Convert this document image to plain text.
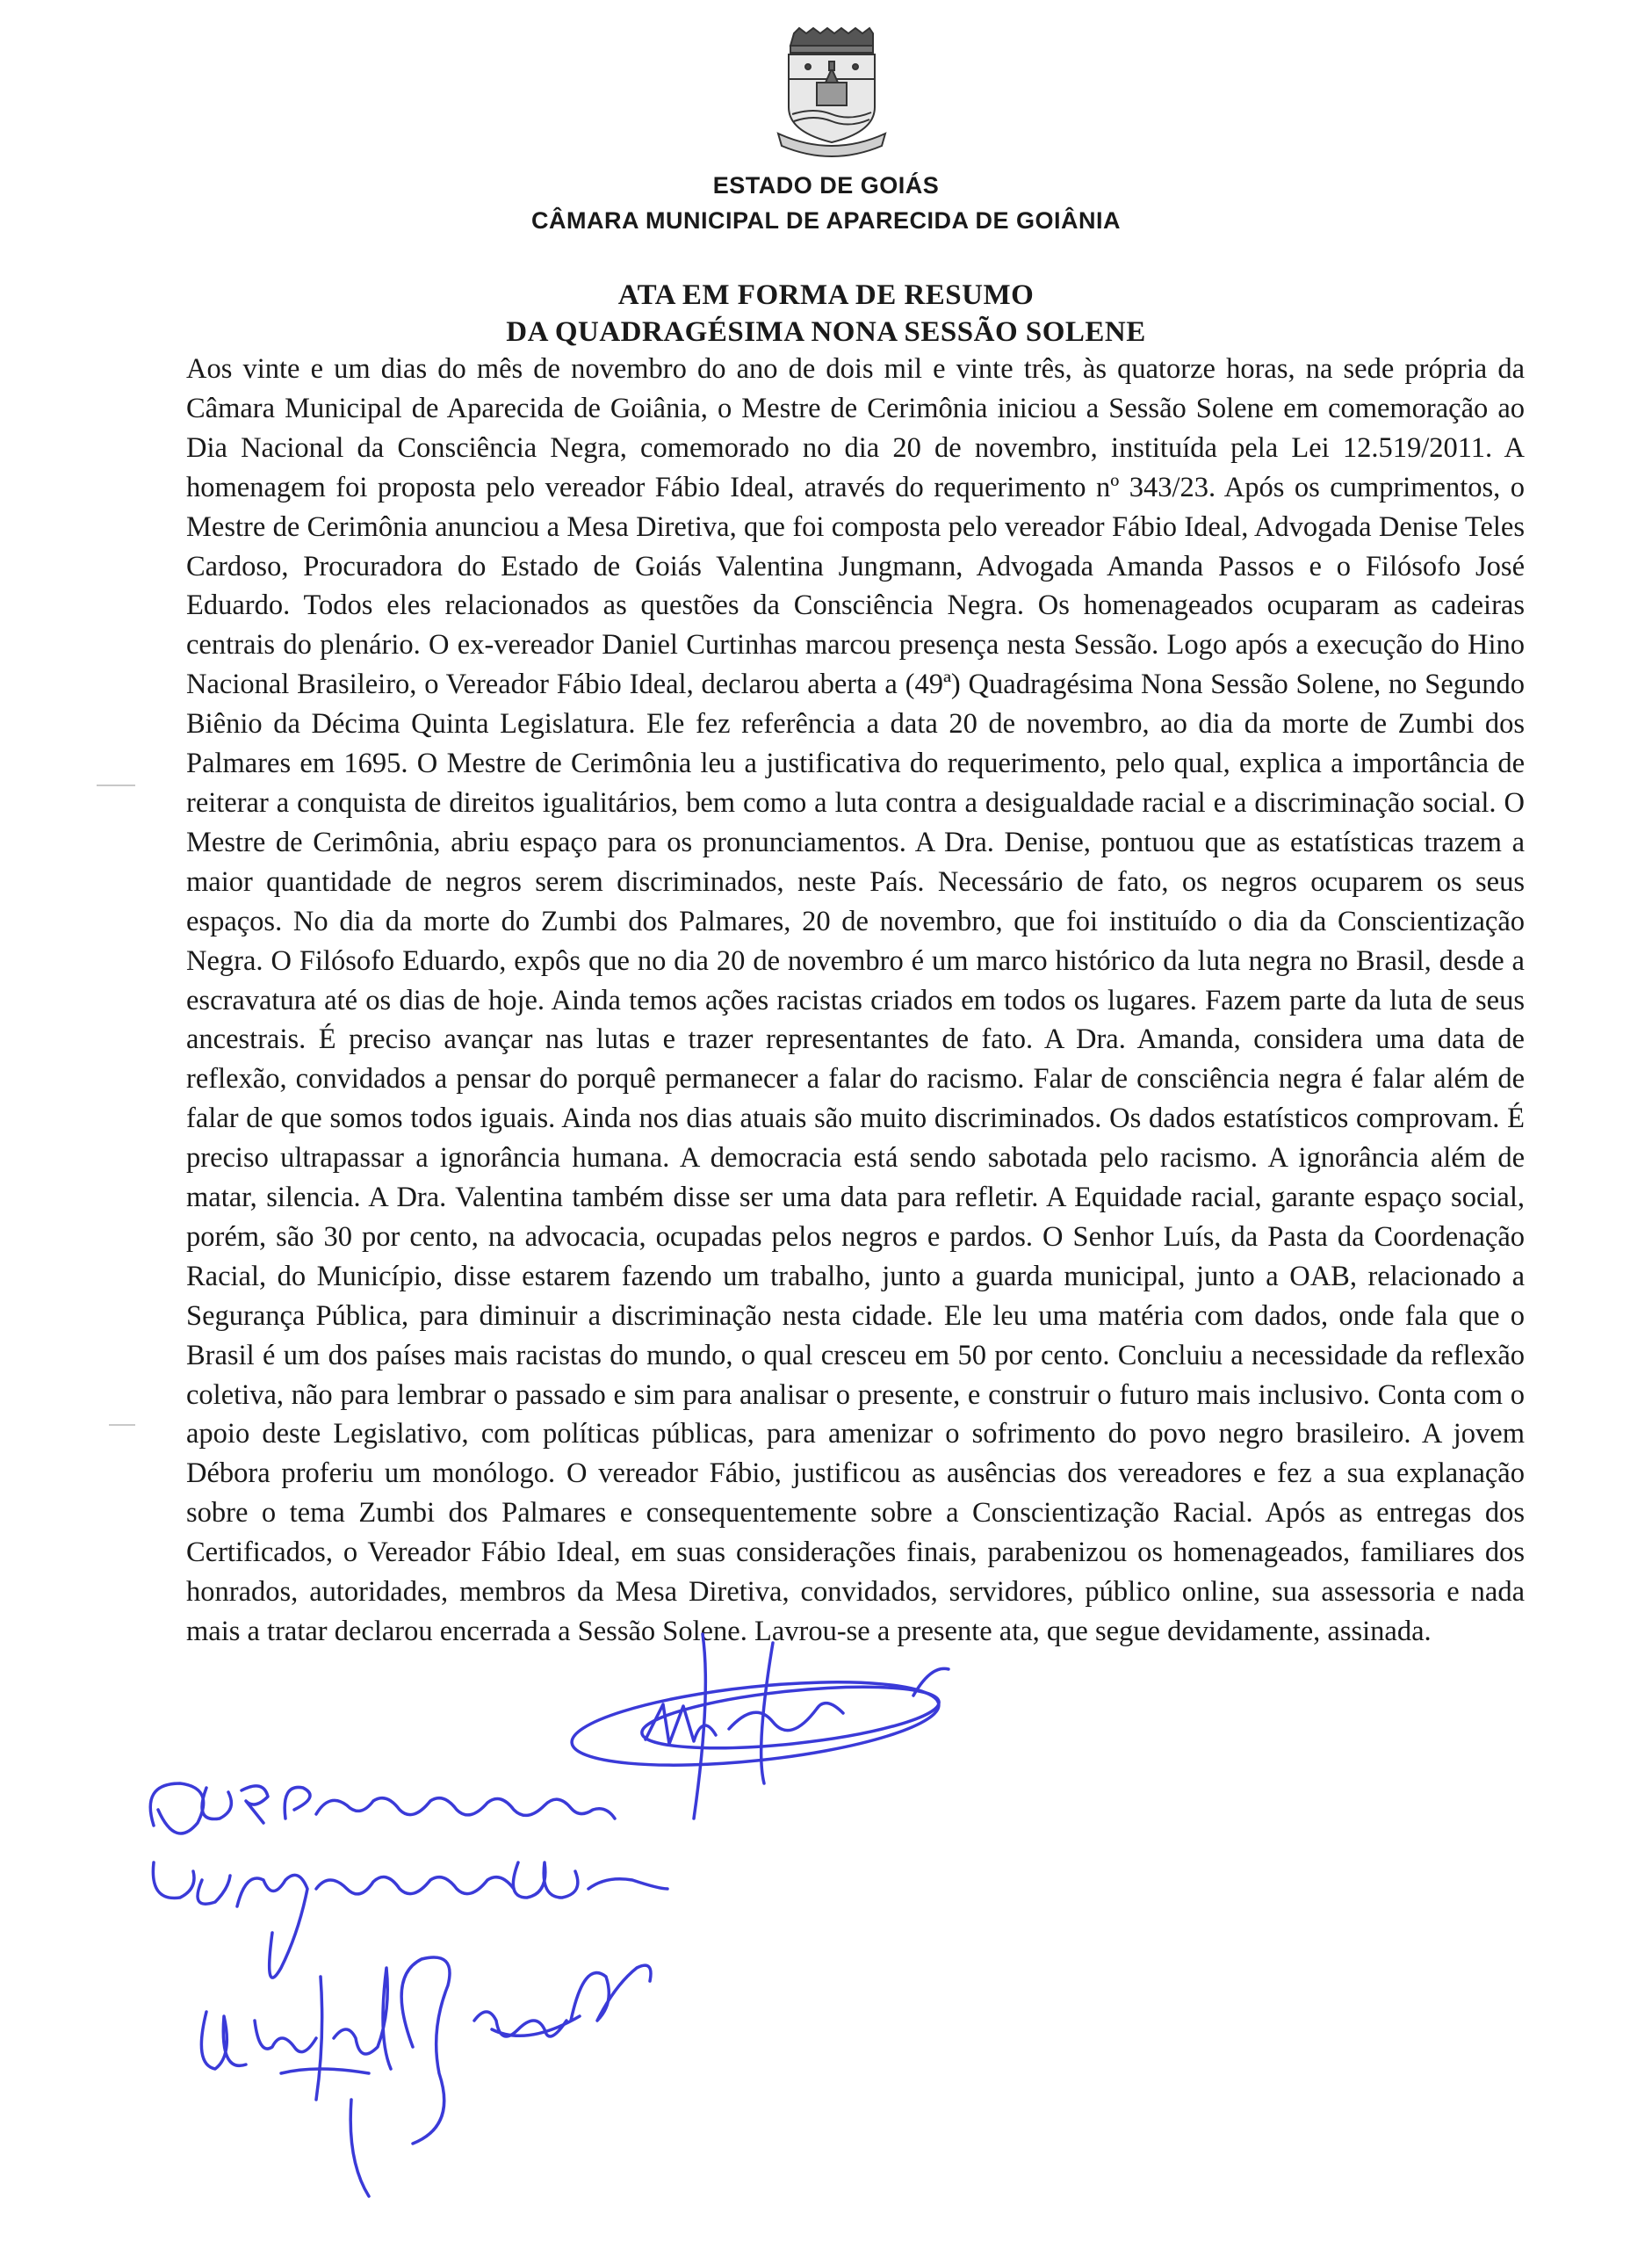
ESTADO DE GOIÁS
CÂMARA MUNICIPAL DE APARECIDA DE GOIÂNIA
ATA EM FORMA DE RESUMO
DA QUADRAGÉSIMA NONA SESSÃO SOLENE

Aos vinte e um dias do mês de novembro do ano de dois mil e vinte três, às quatorze horas, na sede própria da Câmara Municipal de Aparecida de Goiânia, o Mestre de Cerimônia iniciou a Sessão Solene em comemoração ao Dia Nacional da Consciência Negra, comemorado no dia 20 de novembro, instituída pela Lei 12.519/2011. A homenagem foi proposta pelo vereador Fábio Ideal, através do requerimento nº 343/23. Após os cumprimentos, o Mestre de Cerimônia anunciou a Mesa Diretiva, que foi composta pelo vereador Fábio Ideal, Advogada Denise Teles Cardoso, Procuradora do Estado de Goiás Valentina Jungmann, Advogada Amanda Passos e o Filósofo José Eduardo. Todos eles relacionados as questões da Consciência Negra. Os homenageados ocuparam as cadeiras centrais do plenário. O ex-vereador Daniel Curtinhas marcou presença nesta Sessão. Logo após a execução do Hino Nacional Brasileiro, o Vereador Fábio Ideal, declarou aberta a (49ª) Quadragésima Nona Sessão Solene, no Segundo Biênio da Décima Quinta Legislatura. Ele fez referência a data 20 de novembro, ao dia da morte de Zumbi dos Palmares em 1695. O Mestre de Cerimônia leu a justificativa do requerimento, pelo qual, explica a importância de reiterar a conquista de direitos igualitários, bem como a luta contra a desigualdade racial e a discriminação social. O Mestre de Cerimônia, abriu espaço para os pronunciamentos. A Dra. Denise, pontuou que as estatísticas trazem a maior quantidade de negros serem discriminados, neste País. Necessário de fato, os negros ocuparem os seus espaços. No dia da morte do Zumbi dos Palmares, 20 de novembro, que foi instituído o dia da Conscientização Negra. O Filósofo Eduardo, expôs que no dia 20 de novembro é um marco histórico da luta negra no Brasil, desde a escravatura até os dias de hoje. Ainda temos ações racistas criados em todos os lugares. Fazem parte da luta de seus ancestrais. É preciso avançar nas lutas e trazer representantes de fato. A Dra. Amanda, considera uma data de reflexão, convidados a pensar do porquê permanecer a falar do racismo. Falar de consciência negra é falar além de falar de que somos todos iguais. Ainda nos dias atuais são muito discriminados. Os dados estatísticos comprovam. É preciso ultrapassar a ignorância humana. A democracia está sendo sabotada pelo racismo. A ignorância além de matar, silencia. A Dra. Valentina também disse ser uma data para refletir. A Equidade racial, garante espaço social, porém, são 30 por cento, na advocacia, ocupadas pelos negros e pardos. O Senhor Luís, da Pasta da Coordenação Racial, do Município, disse estarem fazendo um trabalho, junto a guarda municipal, junto a OAB, relacionado a Segurança Pública, para diminuir a discriminação nesta cidade. Ele leu uma matéria com dados, onde fala que o Brasil é um dos países mais racistas do mundo, o qual cresceu em 50 por cento. Concluiu a necessidade da reflexão coletiva, não para lembrar o passado e sim para analisar o presente, e construir o futuro mais inclusivo. Conta com o apoio deste Legislativo, com políticas públicas, para amenizar o sofrimento do povo negro brasileiro. A jovem Débora proferiu um monólogo. O vereador Fábio, justificou as ausências dos vereadores e fez a sua explanação sobre o tema Zumbi dos Palmares e consequentemente sobre a Conscientização Racial. Após as entregas dos Certificados, o Vereador Fábio Ideal, em suas considerações finais, parabenizou os homenageados, familiares dos honrados, autoridades, membros da Mesa Diretiva, convidados, servidores, público online, sua assessoria e nada mais a tratar declarou encerrada a Sessão Solene. Lavrou-se a presente ata, que segue devidamente, assinada.
